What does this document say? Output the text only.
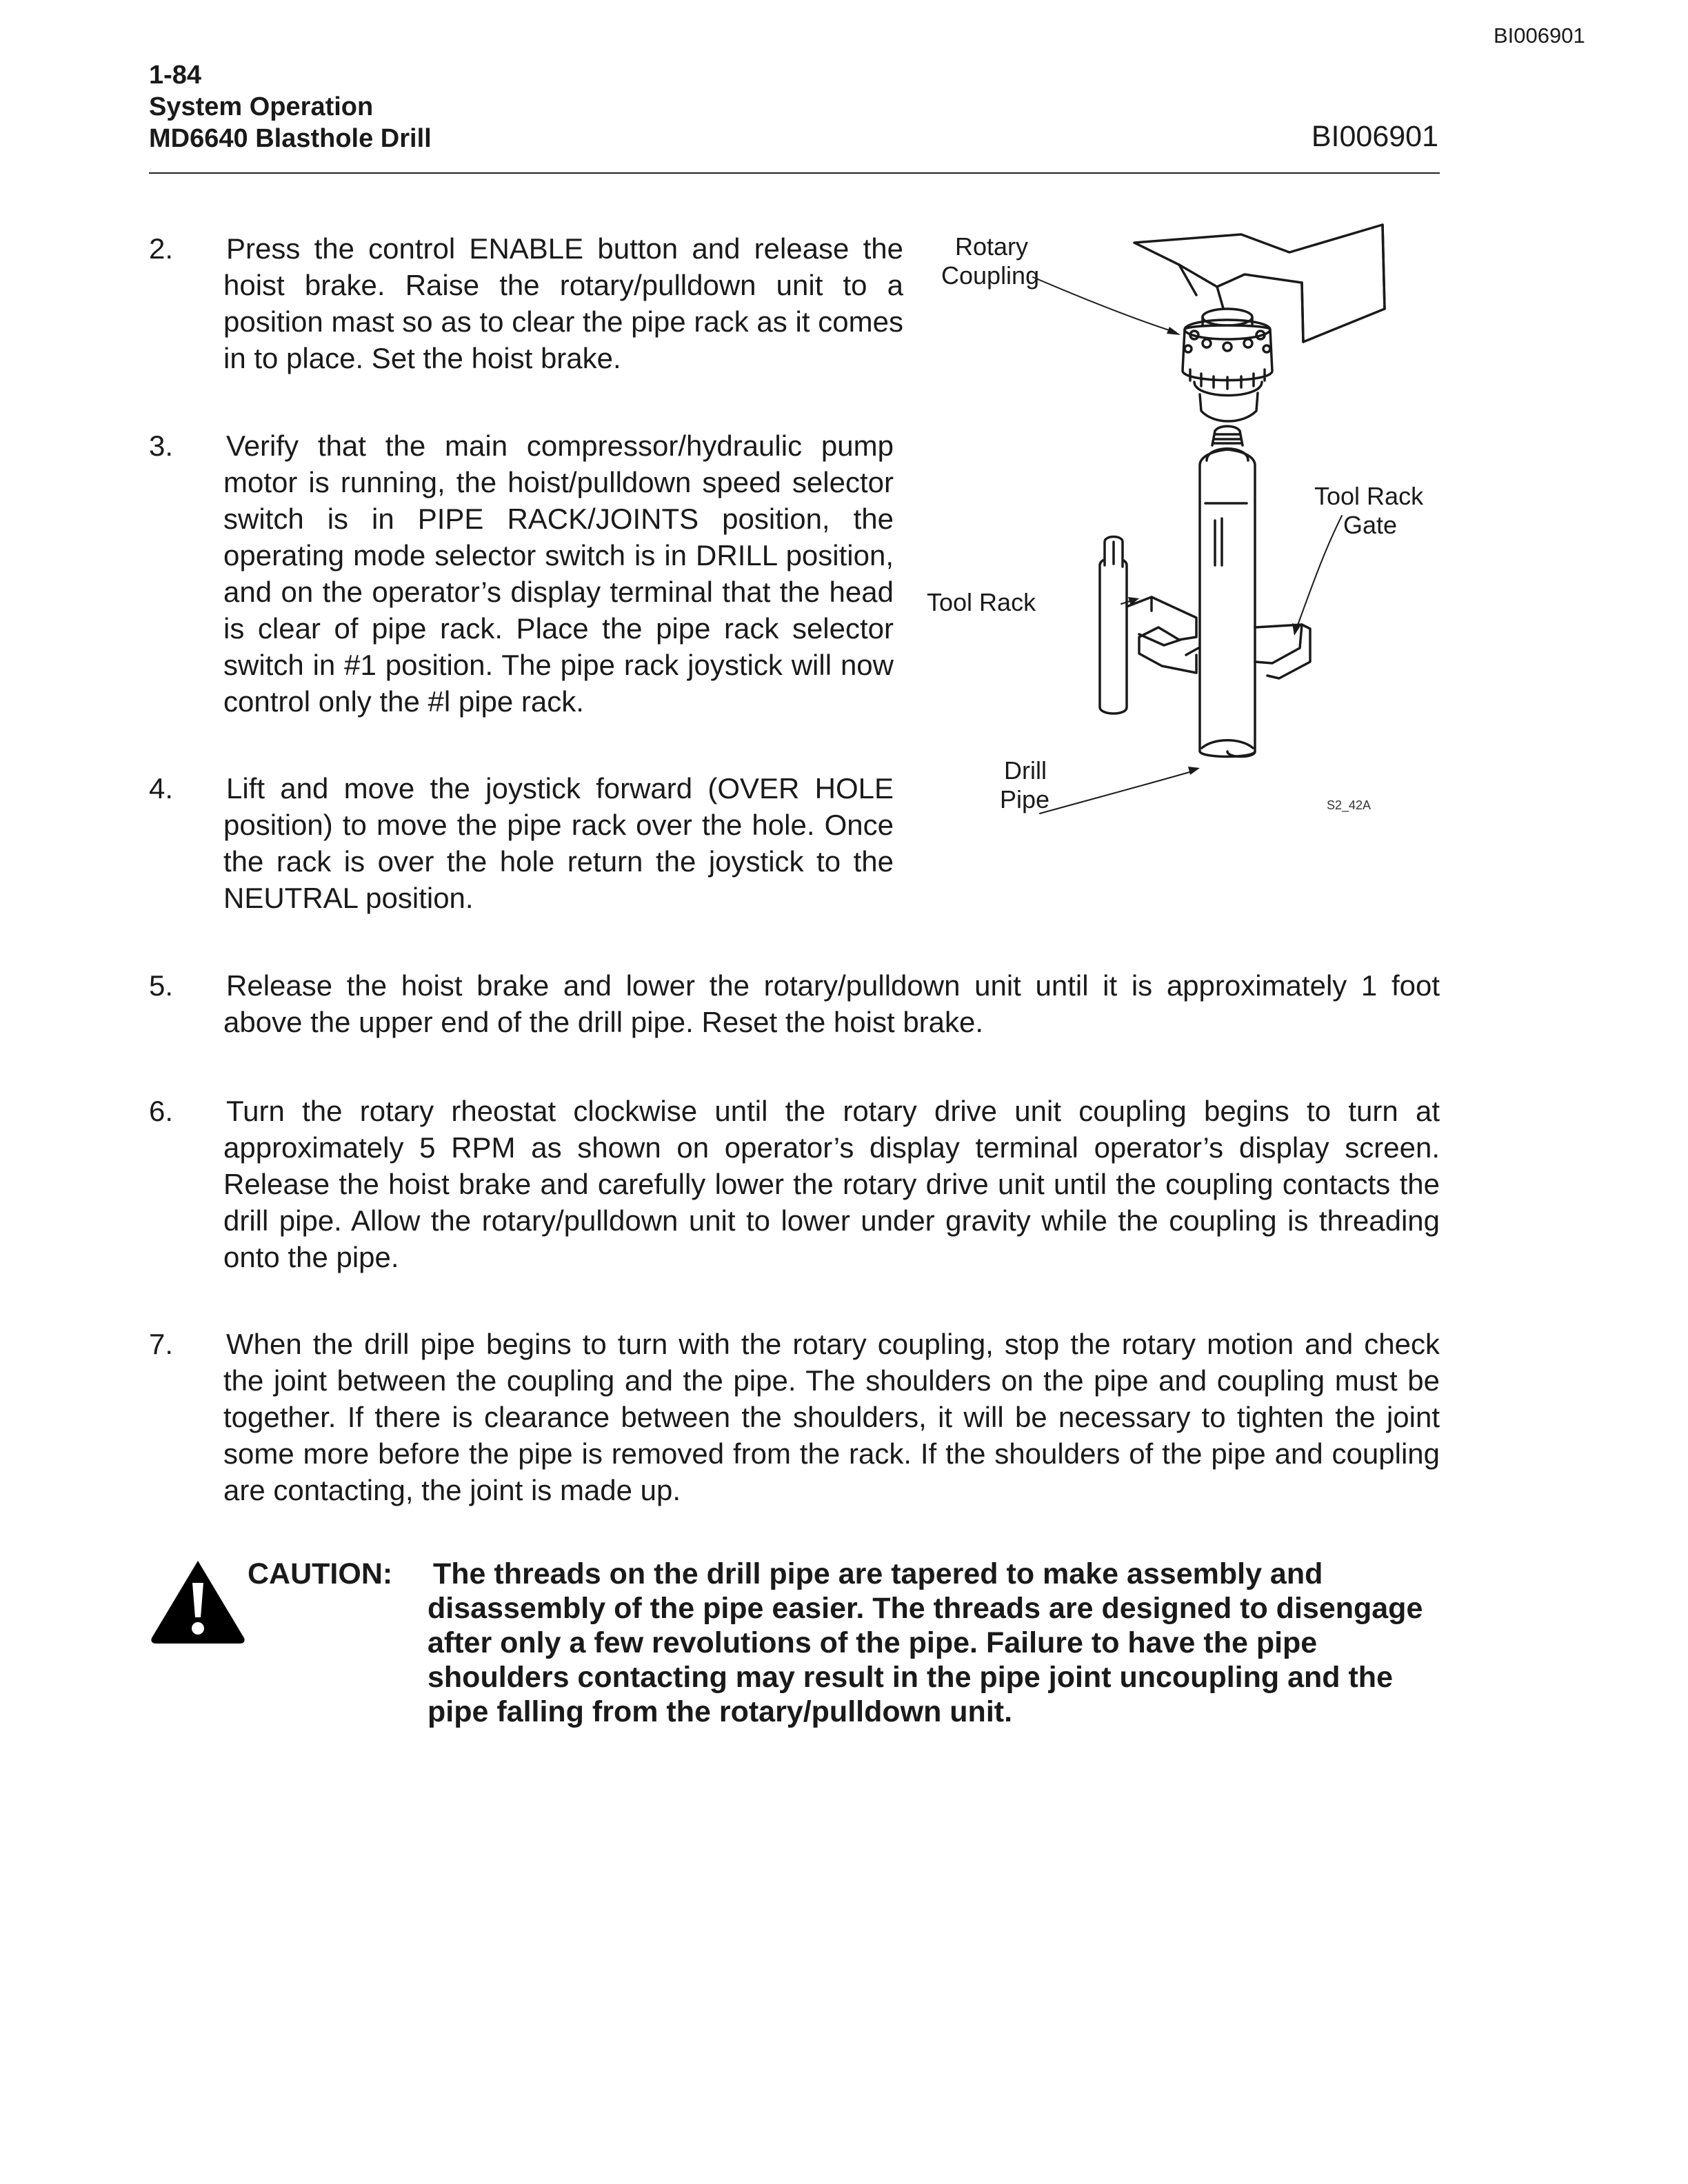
BI006901
1-84
System Operation
MD6640 Blasthole Drill	BI006901
2. Press the control ENABLE button and release the hoist brake. Raise the rotary/pulldown unit to a position mast so as to clear the pipe rack as it comes in to place. Set the hoist brake.
3. Verify that the main compressor/hydraulic pump motor is running, the hoist/pulldown speed selector switch is in PIPE RACK/JOINTS position, the operating mode selector switch is in DRILL position, and on the operator’s display terminal that the head is clear of pipe rack. Place the pipe rack selector switch in #1 position. The pipe rack joystick will now control only the #l pipe rack.
4. Lift and move the joystick forward (OVER HOLE position) to move the pipe rack over the hole. Once the rack is over the hole return the joystick to the NEUTRAL position.
5. Release the hoist brake and lower the rotary/pulldown unit until it is approximately 1 foot above the upper end of the drill pipe. Reset the hoist brake.
6. Turn the rotary rheostat clockwise until the rotary drive unit coupling begins to turn at approximately 5 RPM as shown on operator’s display terminal operator’s display screen. Release the hoist brake and carefully lower the rotary drive unit until the coupling contacts the drill pipe. Allow the rotary/pulldown unit to lower under gravity while the coupling is threading onto the pipe.
7. When the drill pipe begins to turn with the rotary coupling, stop the rotary motion and check the joint between the coupling and the pipe. The shoulders on the pipe and coupling must be together. If there is clearance between the shoulders, it will be necessary to tighten the joint some more before the pipe is removed from the rack. If the shoulders of the pipe and coupling are contacting, the joint is made up.
Rotary
Coupling
Tool Rack
Gate
Tool Rack
Drill
Pipe	S2_42A
CAUTION: The threads on the drill pipe are tapered to make assembly and disassembly of the pipe easier. The threads are designed to disengage after only a few revolutions of the pipe. Failure to have the pipe shoulders contacting may result in the pipe joint uncoupling and the pipe falling from the rotary/pulldown unit.
